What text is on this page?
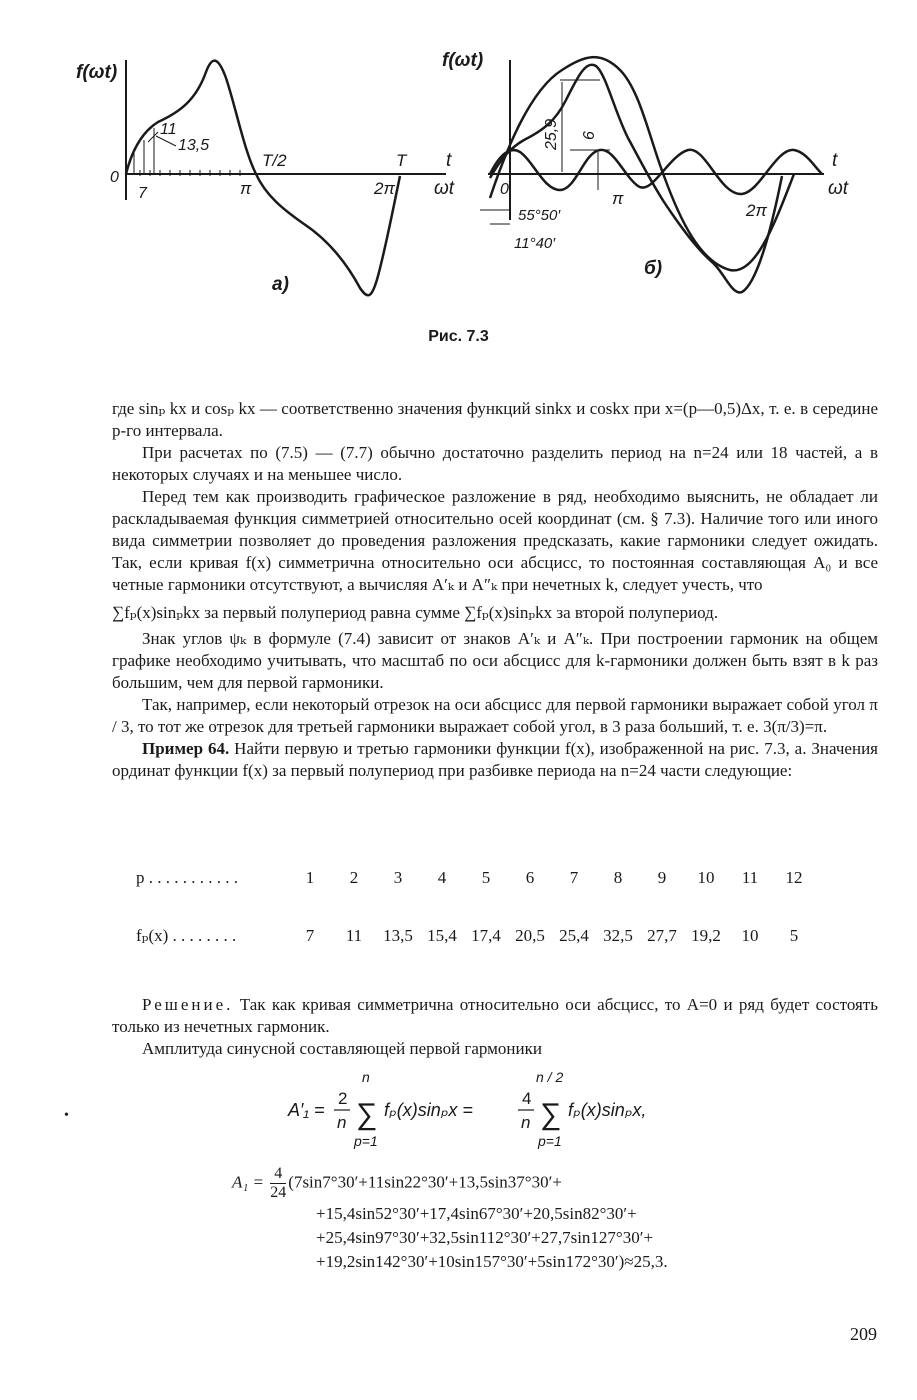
f(ωt)
0
7
11
13,5
π
T/2	T
2π
t
ωt
а)
f(ωt)
0
25,9 6
π
2π
t
ωt
55°50′
11°40′
б)
Рис. 7.3

где sinₚ kx и cosₚ kx — соответственно значения функций sinkx и coskx при x=(p—0,5)Δx, т. е. в середине p-го интервала.

При расчетах по (7.5) — (7.7) обычно достаточно разделить период на n=24 или 18 частей, а в некоторых случаях и на меньшее число.

Перед тем как производить графическое разложение в ряд, необходимо выяснить, не обладает ли раскладываемая функция симметрией относительно осей координат (см. § 7.3). Наличие того или иного вида симметрии позволяет до проведения разложения предсказать, какие гармоники следует ожидать. Так, если кривая f(x) симметрична относительно оси абсцисс, то постоянная составляющая A₀ и все четные гармоники отсутствуют, а вычисляя A′ₖ и A″ₖ при нечетных k, следует учесть, что

∑fₚ(x)sinₚkx за первый полупериод равна сумме ∑fₚ(x)sinₚkx за второй полупериод.

Знак углов ψₖ в формуле (7.4) зависит от знаков A′ₖ и A″ₖ. При построении гармоник на общем графике необходимо учитывать, что масштаб по оси абсцисс для k-гармоники должен быть взят в k раз большим, чем для первой гармоники.

Так, например, если некоторый отрезок на оси абсцисс для первой гармоники выражает собой угол π / 3, то тот же отрезок для третьей гармоники выражает собой угол, в 3 раза больший, т. е. 3(π/3)=π.

Пример 64. Найти первую и третью гармоники функции f(x), изображенной на рис. 7.3, а. Значения ординат функции f(x) за первый полупериод при разбивке периода на n=24 части следующие:

p . . . . . . . . . . .	1	2	3	4	5	6	7	8	9	10	11	12
fₚ(x) . . . . . . . .	7	11	13,5 15,4 17,4 20,5 25,4 32,5 27,7 19,2	10	5

Решение. Так как кривая симметрична относительно оси абсцисс, то A=0 и ряд будет состоять только из нечетных гармоник.

Амплитуда синусной составляющей первой гармоники

A′₁ =
2
n
n
∑
p=1
fₚ(x)sinₚx =
4
n
n / 2
∑
p=1
fₚ(x)sinₚx,
$A_1 = \frac{4}{24} (7\sin 7^\circ 30'+11\sin 22^\circ 30'+13,5\sin 37^\circ 30'+$
+15,4sin52°30′+17,4sin67°30′+20,5sin82°30′+
+25,4sin97°30′+32,5sin112°30′+27,7sin127°30′+
+19,2sin142°30′+10sin157°30′+5sin172°30′)≈25,3.
•
209
